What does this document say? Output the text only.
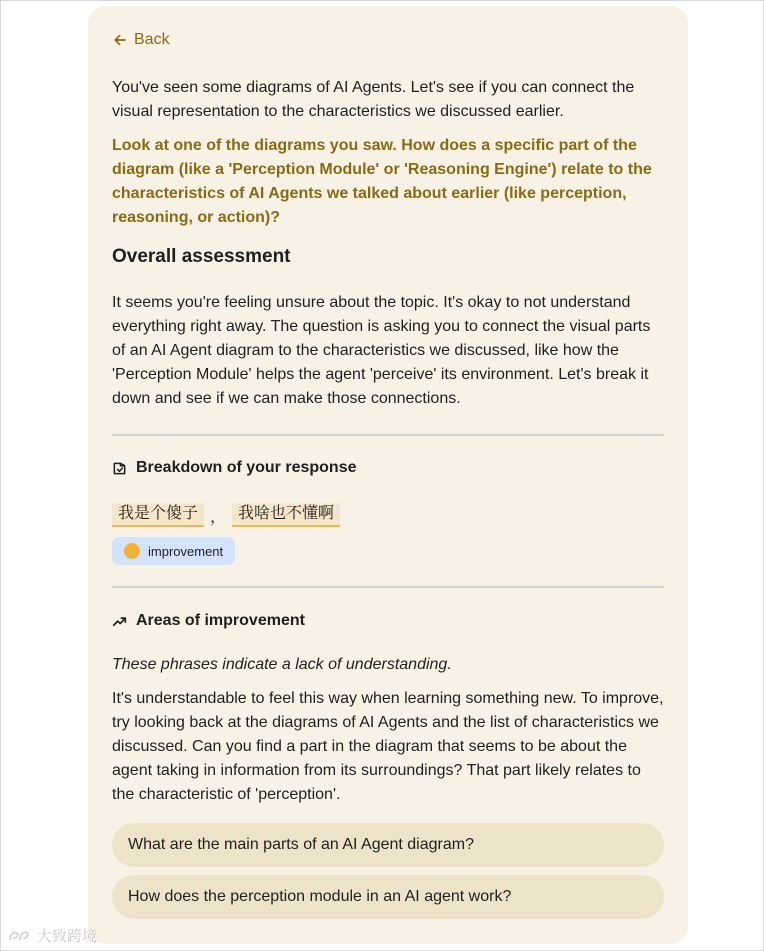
Back

You've seen some diagrams of AI Agents. Let's see if you can connect the visual representation to the characteristics we discussed earlier.

Look at one of the diagrams you saw. How does a specific part of the diagram (like a 'Perception Module' or 'Reasoning Engine') relate to the characteristics of AI Agents we talked about earlier (like perception, reasoning, or action)?

Overall assessment

It seems you're feeling unsure about the topic. It's okay to not understand everything right away. The question is asking you to connect the visual parts of an AI Agent diagram to the characteristics we discussed, like how the 'Perception Module' helps the agent 'perceive' its environment. Let's break it down and see if we can make those connections.

Breakdown of your response
我是个傻子 ， 我啥也不懂啊
improvement
Areas of improvement

These phrases indicate a lack of understanding.

It's understandable to feel this way when learning something new. To improve, try looking back at the diagrams of AI Agents and the list of characteristics we discussed. Can you find a part in the diagram that seems to be about the agent taking in information from its surroundings? That part likely relates to the characteristic of 'perception'.

What are the main parts of an AI Agent diagram?
How does the perception module in an AI agent work?
大致跨境
